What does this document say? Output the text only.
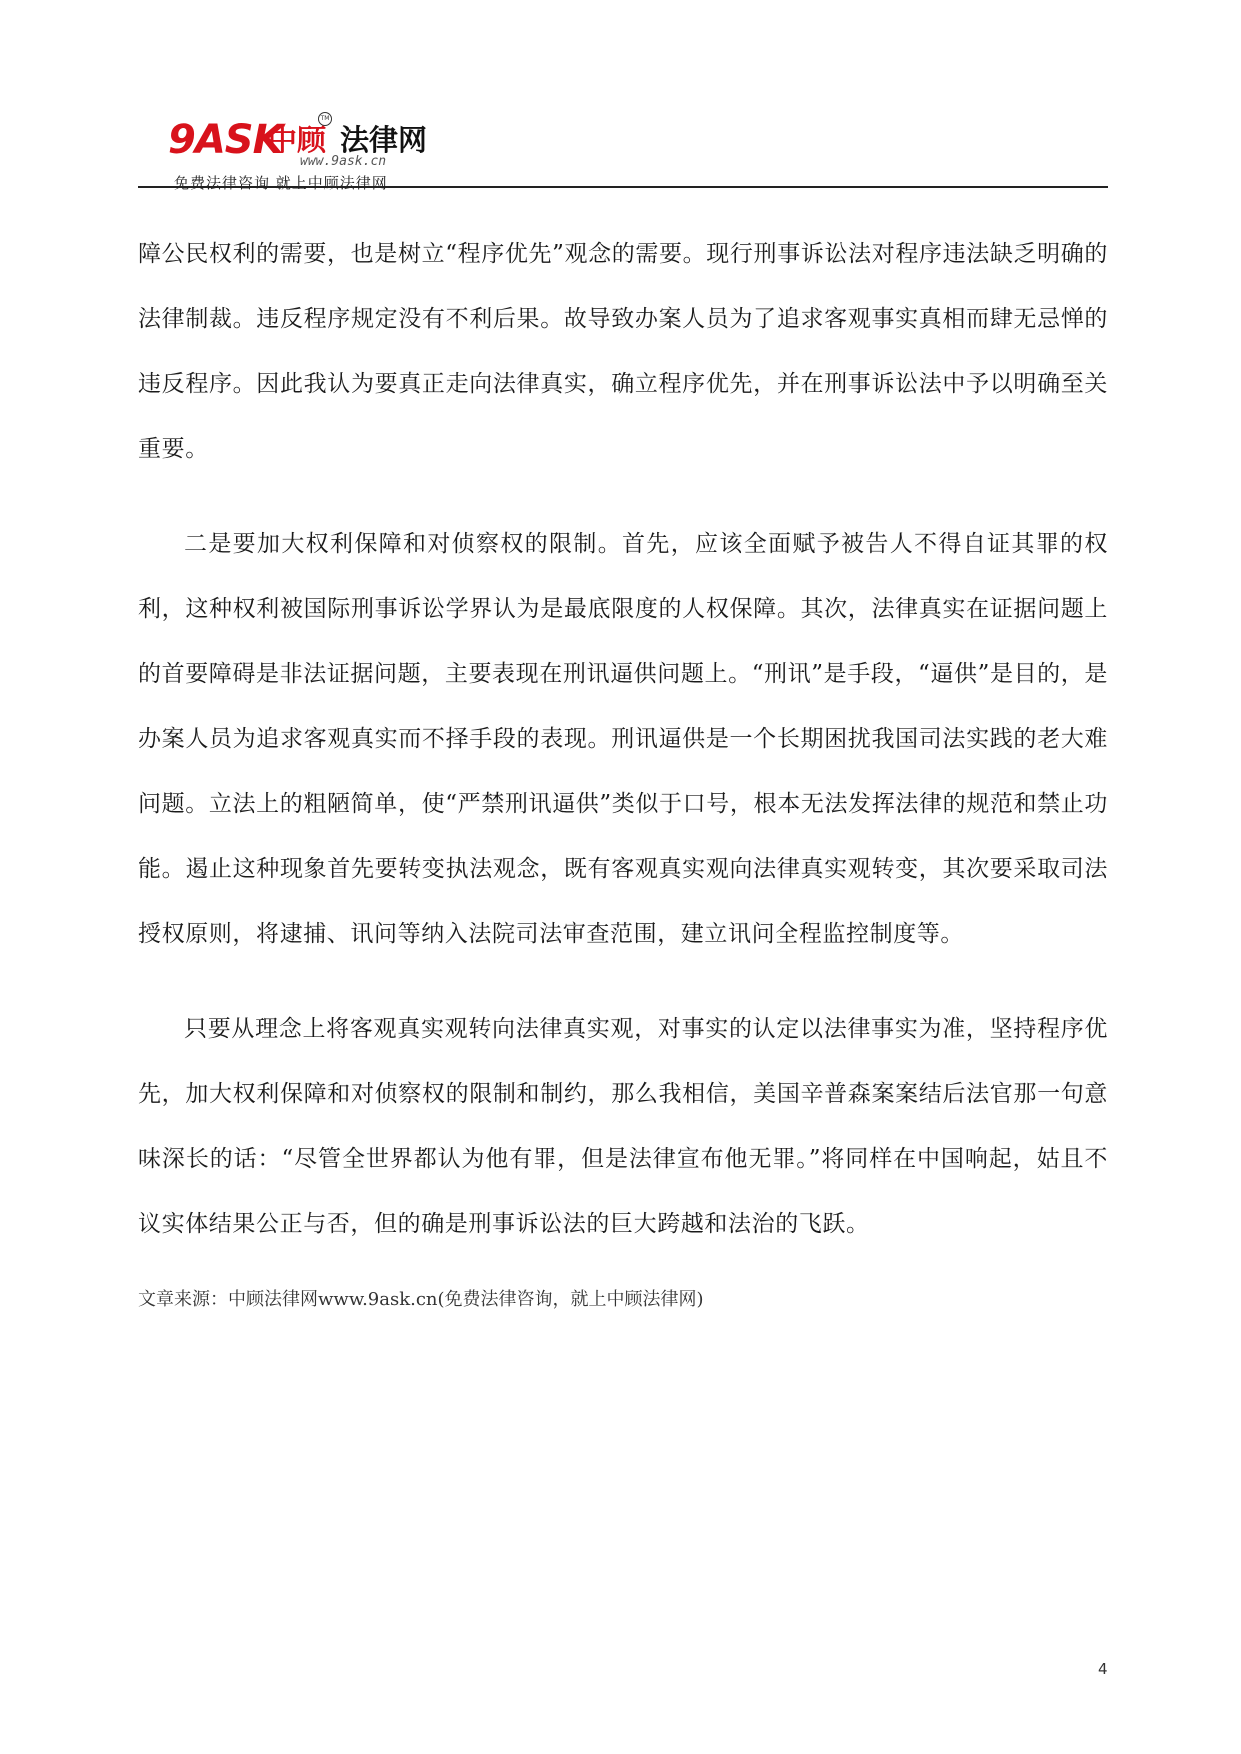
9ASK
中顾
TM
法律网
www.9ask.cn
免费法律咨询 就上中顾法律网

障公民权利的需要，也是树立“程序优先”观念的需要。现行刑事诉讼法对程序违法缺乏明确的法律制裁。违反程序规定没有不利后果。故导致办案人员为了追求客观事实真相而肆无忌惮的违反程序。因此我认为要真正走向法律真实，确立程序优先，并在刑事诉讼法中予以明确至关重要。

二是要加大权利保障和对侦察权的限制。首先，应该全面赋予被告人不得自证其罪的权利，这种权利被国际刑事诉讼学界认为是最底限度的人权保障。其次，法律真实在证据问题上的首要障碍是非法证据问题，主要表现在刑讯逼供问题上。“刑讯”是手段，“逼供”是目的，是办案人员为追求客观真实而不择手段的表现。刑讯逼供是一个长期困扰我国司法实践的老大难问题。立法上的粗陋简单，使“严禁刑讯逼供”类似于口号，根本无法发挥法律的规范和禁止功能。遏止这种现象首先要转变执法观念，既有客观真实观向法律真实观转变，其次要采取司法授权原则，将逮捕、讯问等纳入法院司法审查范围，建立讯问全程监控制度等。

只要从理念上将客观真实观转向法律真实观，对事实的认定以法律事实为准，坚持程序优先，加大权利保障和对侦察权的限制和制约，那么我相信，美国辛普森案案结后法官那一句意味深长的话：“尽管全世界都认为他有罪，但是法律宣布他无罪。”将同样在中国响起，姑且不议实体结果公正与否，但的确是刑事诉讼法的巨大跨越和法治的飞跃。

文章来源：中顾法律网www.9ask.cn(免费法律咨询，就上中顾法律网)

4
